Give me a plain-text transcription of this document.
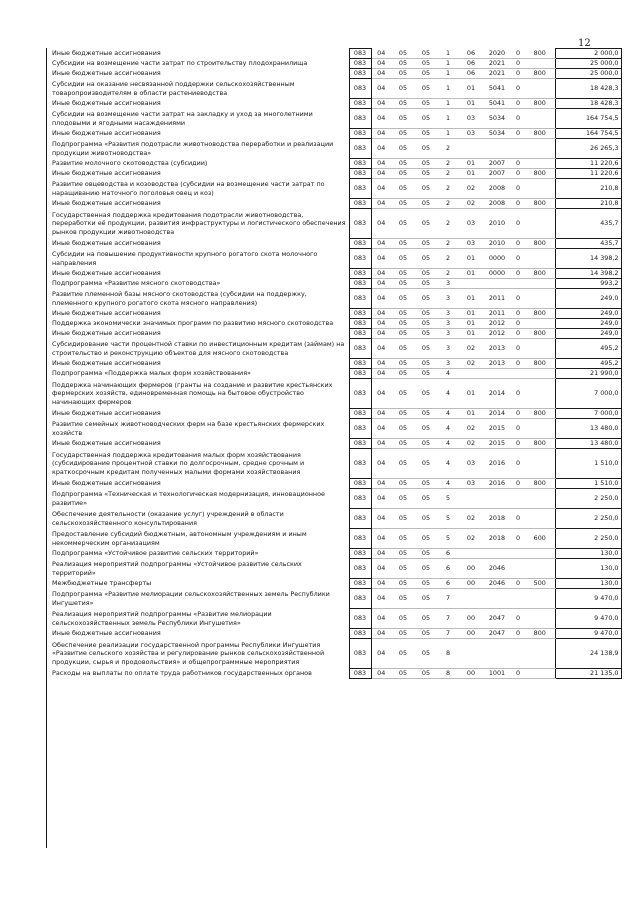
12
Иные бюджетные ассигнования	083	04	05	05	1	06	2020	0	800	2 000,0
Субсидии на возмещение части затрат по строительству плодохранилища	083	04	05	05	1	06	2021	0		25 000,0
Иные бюджетные ассигнования	083	04	05	05	1	06	2021	0	800	25 000,0
Субсидии на оказание несвязанной поддержки сельскохозяйственным товаропроизводителям в области растениеводства	083	04	05	05	1	01	5041	0		18 428,3
Иные бюджетные ассигнования	083	04	05	05	1	01	5041	0	800	18 428,3
Субсидии на возмещение части затрат на закладку и уход за многолетними плодовыми и ягодными насаждениями	083	04	05	05	1	03	5034	0		164 754,5
Иные бюджетные ассигнования	083	04	05	05	1	03	5034	0	800	164 754,5
Подпрограмма «Развития подотрасли животноводства переработки и реализации продукции животноводства»	083	04	05	05	2					26 265,3
Развитие молочного скотоводства (субсидии)	083	04	05	05	2	01	2007	0		11 220,6
Иные бюджетные ассигнования	083	04	05	05	2	01	2007	0	800	11 220,6
Развитие овцеводства и козоводства (субсидии на возмещение части затрат по наращиванию маточного поголовья овец и коз)	083	04	05	05	2	02	2008	0		210,8
Иные бюджетные ассигнования	083	04	05	05	2	02	2008	0	800	210,8
Государственная поддержка кредитования подотрасли животноводства, переработки её продукции, развития инфраструктуры и логистического обеспечения рынков продукции животноводства	083	04	05	05	2	03	2010	0		435,7
Иные бюджетные ассигнования	083	04	05	05	2	03	2010	0	800	435,7
Субсидии на повышение продуктивности крупного рогатого скота молочного направления	083	04	05	05	2	01	0000	0		14 398,2
Иные бюджетные ассигнования	083	04	05	05	2	01	0000	0	800	14 398,2
Подпрограмма «Развитие мясного скотоводства»	083	04	05	05	3					993,2
Развитие племенной базы мясного скотоводства (субсидии на поддержку, племенного крупного рогатого скота мясного направления)	083	04	05	05	3	01	2011	0		249,0
Иные бюджетные ассигнования	083	04	05	05	3	01	2011	0	800	249,0
Поддержка экономически значимых программ по развитию мясного скотоводства	083	04	05	05	3	01	2012	0		249,0
Иные бюджетные ассигнования	083	04	05	05	3	01	2012	0	800	249,0
Субсидирование части процентной ставки по инвестиционным кредитам (займам) на строительство и реконструкцию объектов для мясного скотоводства	083	04	05	05	3	02	2013	0		495,2
Иные бюджетные ассигнования	083	04	05	05	3	02	2013	0	800	495,2
Подпрограмма «Поддержка малых форм хозяйствования»	083	04	05	05	4					21 990,0
Поддержка начинающих фермеров (гранты на создание и развитие крестьянских фермерских хозяйств, единовременная помощь на бытовое обустройство начинающих фермеров	083	04	05	05	4	01	2014	0		7 000,0
Иные бюджетные ассигнования	083	04	05	05	4	01	2014	0	800	7 000,0
Развитие семейных животноводческих ферм на базе крестьянских фермерских хозяйств	083	04	05	05	4	02	2015	0		13 480,0
Иные бюджетные ассигнования	083	04	05	05	4	02	2015	0	800	13 480,0
Государственная поддержка кредитования малых форм хозяйствования (субсидирование процентной ставки по долгосрочным, средне срочным и краткосрочным кредитам полученных малыми формами хозяйствования	083	04	05	05	4	03	2016	0		1 510,0
Иные бюджетные ассигнования	083	04	05	05	4	03	2016	0	800	1 510,0
Подпрограмма «Техническая и технологическая модернизация, инновационное развитие»	083	04	05	05	5					2 250,0
Обеспечение деятельности (оказание услуг) учреждений в области сельскохозяйственного консультирования	083	04	05	05	5	02	2018	0		2 250,0
Предоставление субсидий бюджетным, автономным учреждениям и иным некоммерческим организациям	083	04	05	05	5	02	2018	0	600	2 250,0
Подпрограмма «Устойчивое развитие сельских территорий»	083	04	05	05	6					130,0
Реализация мероприятий подпрограммы «Устойчивое развитие сельских территорий»	083	04	05	05	6	00	2046			130,0
Межбюджетные трансферты	083	04	05	05	6	00	2046	0	500	130,0
Подпрограмма «Развитие мелиорации сельскохозяйственных земель Республики Ингушетия»	083	04	05	05	7					9 470,0
Реализация мероприятий подпрограммы «Развитие мелиорации сельскохозяйственных земель Республики Ингушетия»	083	04	05	05	7	00	2047	0		9 470,0
Иные бюджетные ассигнования	083	04	05	05	7	00	2047	0	800	9 470,0
Обеспечение реализации государственной программы Республики Ингушетия «Развитие сельского хозяйства и регулирование рынков сельскохозяйственной продукции, сырья и продовольствия» и общепрограммные мероприятия	083	04	05	05	8					24 138,9
Расходы на выплаты по оплате труда работников государственных органов	083	04	05	05	8	00	1001	0		21 135,0
